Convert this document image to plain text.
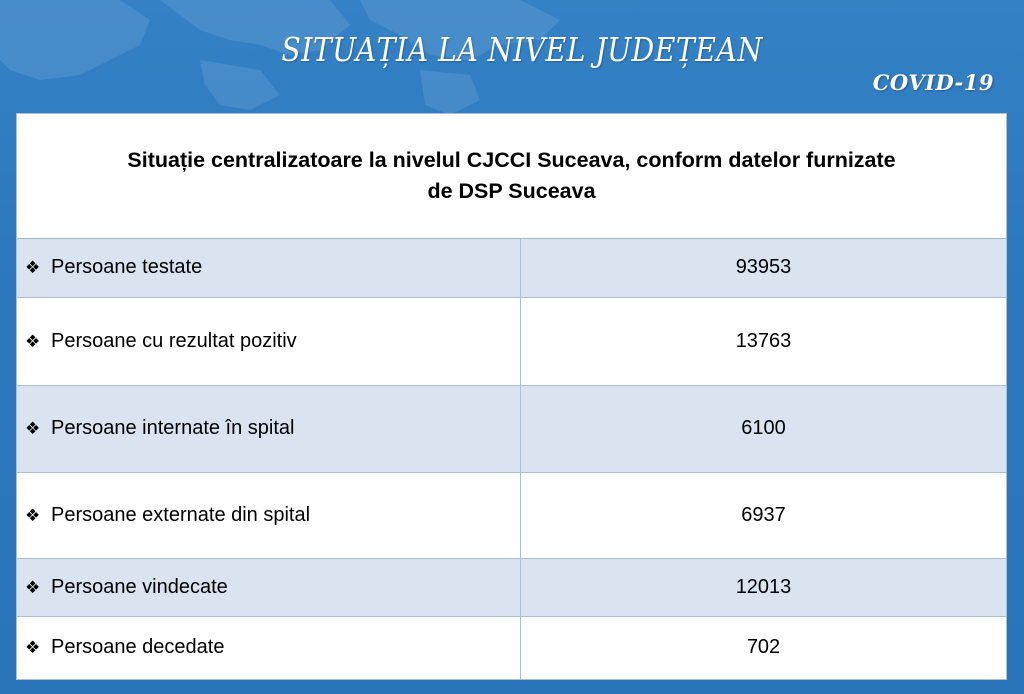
SITUAȚIA LA NIVEL JUDEȚEAN
COVID-19
Situație centralizatoare la nivelul CJCCI Suceava, conform datelor furnizate
de DSP Suceava
❖ Persoane testate	93953
❖ Persoane cu rezultat pozitiv	13763
❖ Persoane internate în spital	6100
❖ Persoane externate din spital	6937
❖ Persoane vindecate	12013
❖ Persoane decedate	702
